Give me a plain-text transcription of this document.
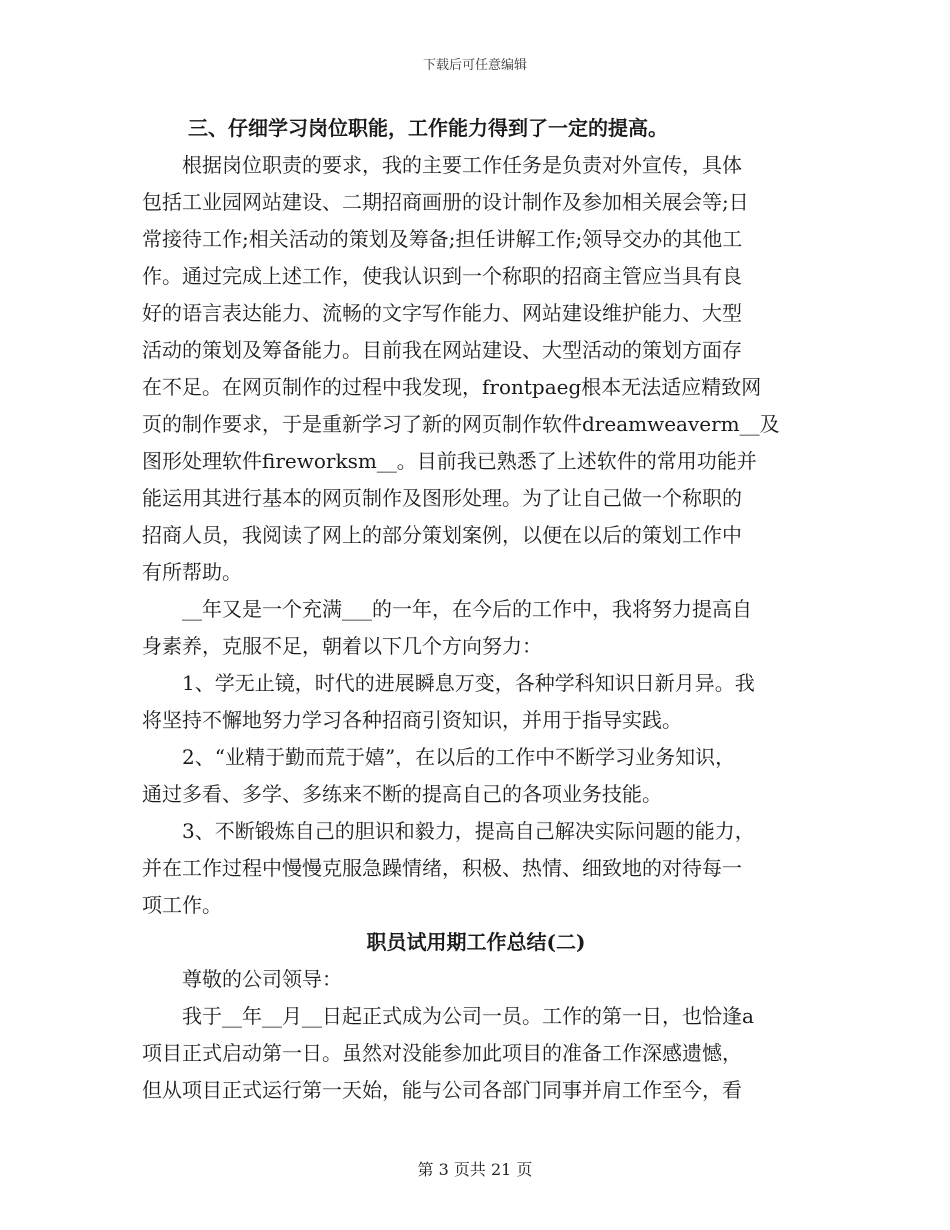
下载后可任意编辑
三、仔细学习岗位职能，工作能力得到了一定的提高。
　　根据岗位职责的要求，我的主要工作任务是负责对外宣传，具体
包括工业园网站建设、二期招商画册的设计制作及参加相关展会等;日
常接待工作;相关活动的策划及筹备;担任讲解工作;领导交办的其他工
作。通过完成上述工作，使我认识到一个称职的招商主管应当具有良
好的语言表达能力、流畅的文字写作能力、网站建设维护能力、大型
活动的策划及筹备能力。目前我在网站建设、大型活动的策划方面存
在不足。在网页制作的过程中我发现，frontpaeg根本无法适应精致网
页的制作要求，于是重新学习了新的网页制作软件dreamweaverm__及
图形处理软件fireworksm__。目前我已熟悉了上述软件的常用功能并
能运用其进行基本的网页制作及图形处理。为了让自己做一个称职的
招商人员，我阅读了网上的部分策划案例，以便在以后的策划工作中
有所帮助。
　　__年又是一个充满___的一年，在今后的工作中，我将努力提高自
身素养，克服不足，朝着以下几个方向努力：
　　1、学无止镜，时代的进展瞬息万变，各种学科知识日新月异。我
将坚持不懈地努力学习各种招商引资知识，并用于指导实践。
　　2、“业精于勤而荒于嬉”，在以后的工作中不断学习业务知识，
通过多看、多学、多练来不断的提高自己的各项业务技能。
　　3、不断锻炼自己的胆识和毅力，提高自己解决实际问题的能力，
并在工作过程中慢慢克服急躁情绪，积极、热情、细致地的对待每一
项工作。
职员试用期工作总结(二)
　　尊敬的公司领导：
　　我于__年__月__日起正式成为公司一员。工作的第一日，也恰逢a
项目正式启动第一日。虽然对没能参加此项目的准备工作深感遗憾，
但从项目正式运行第一天始，能与公司各部门同事并肩工作至今，看
第 3 页共 21 页
